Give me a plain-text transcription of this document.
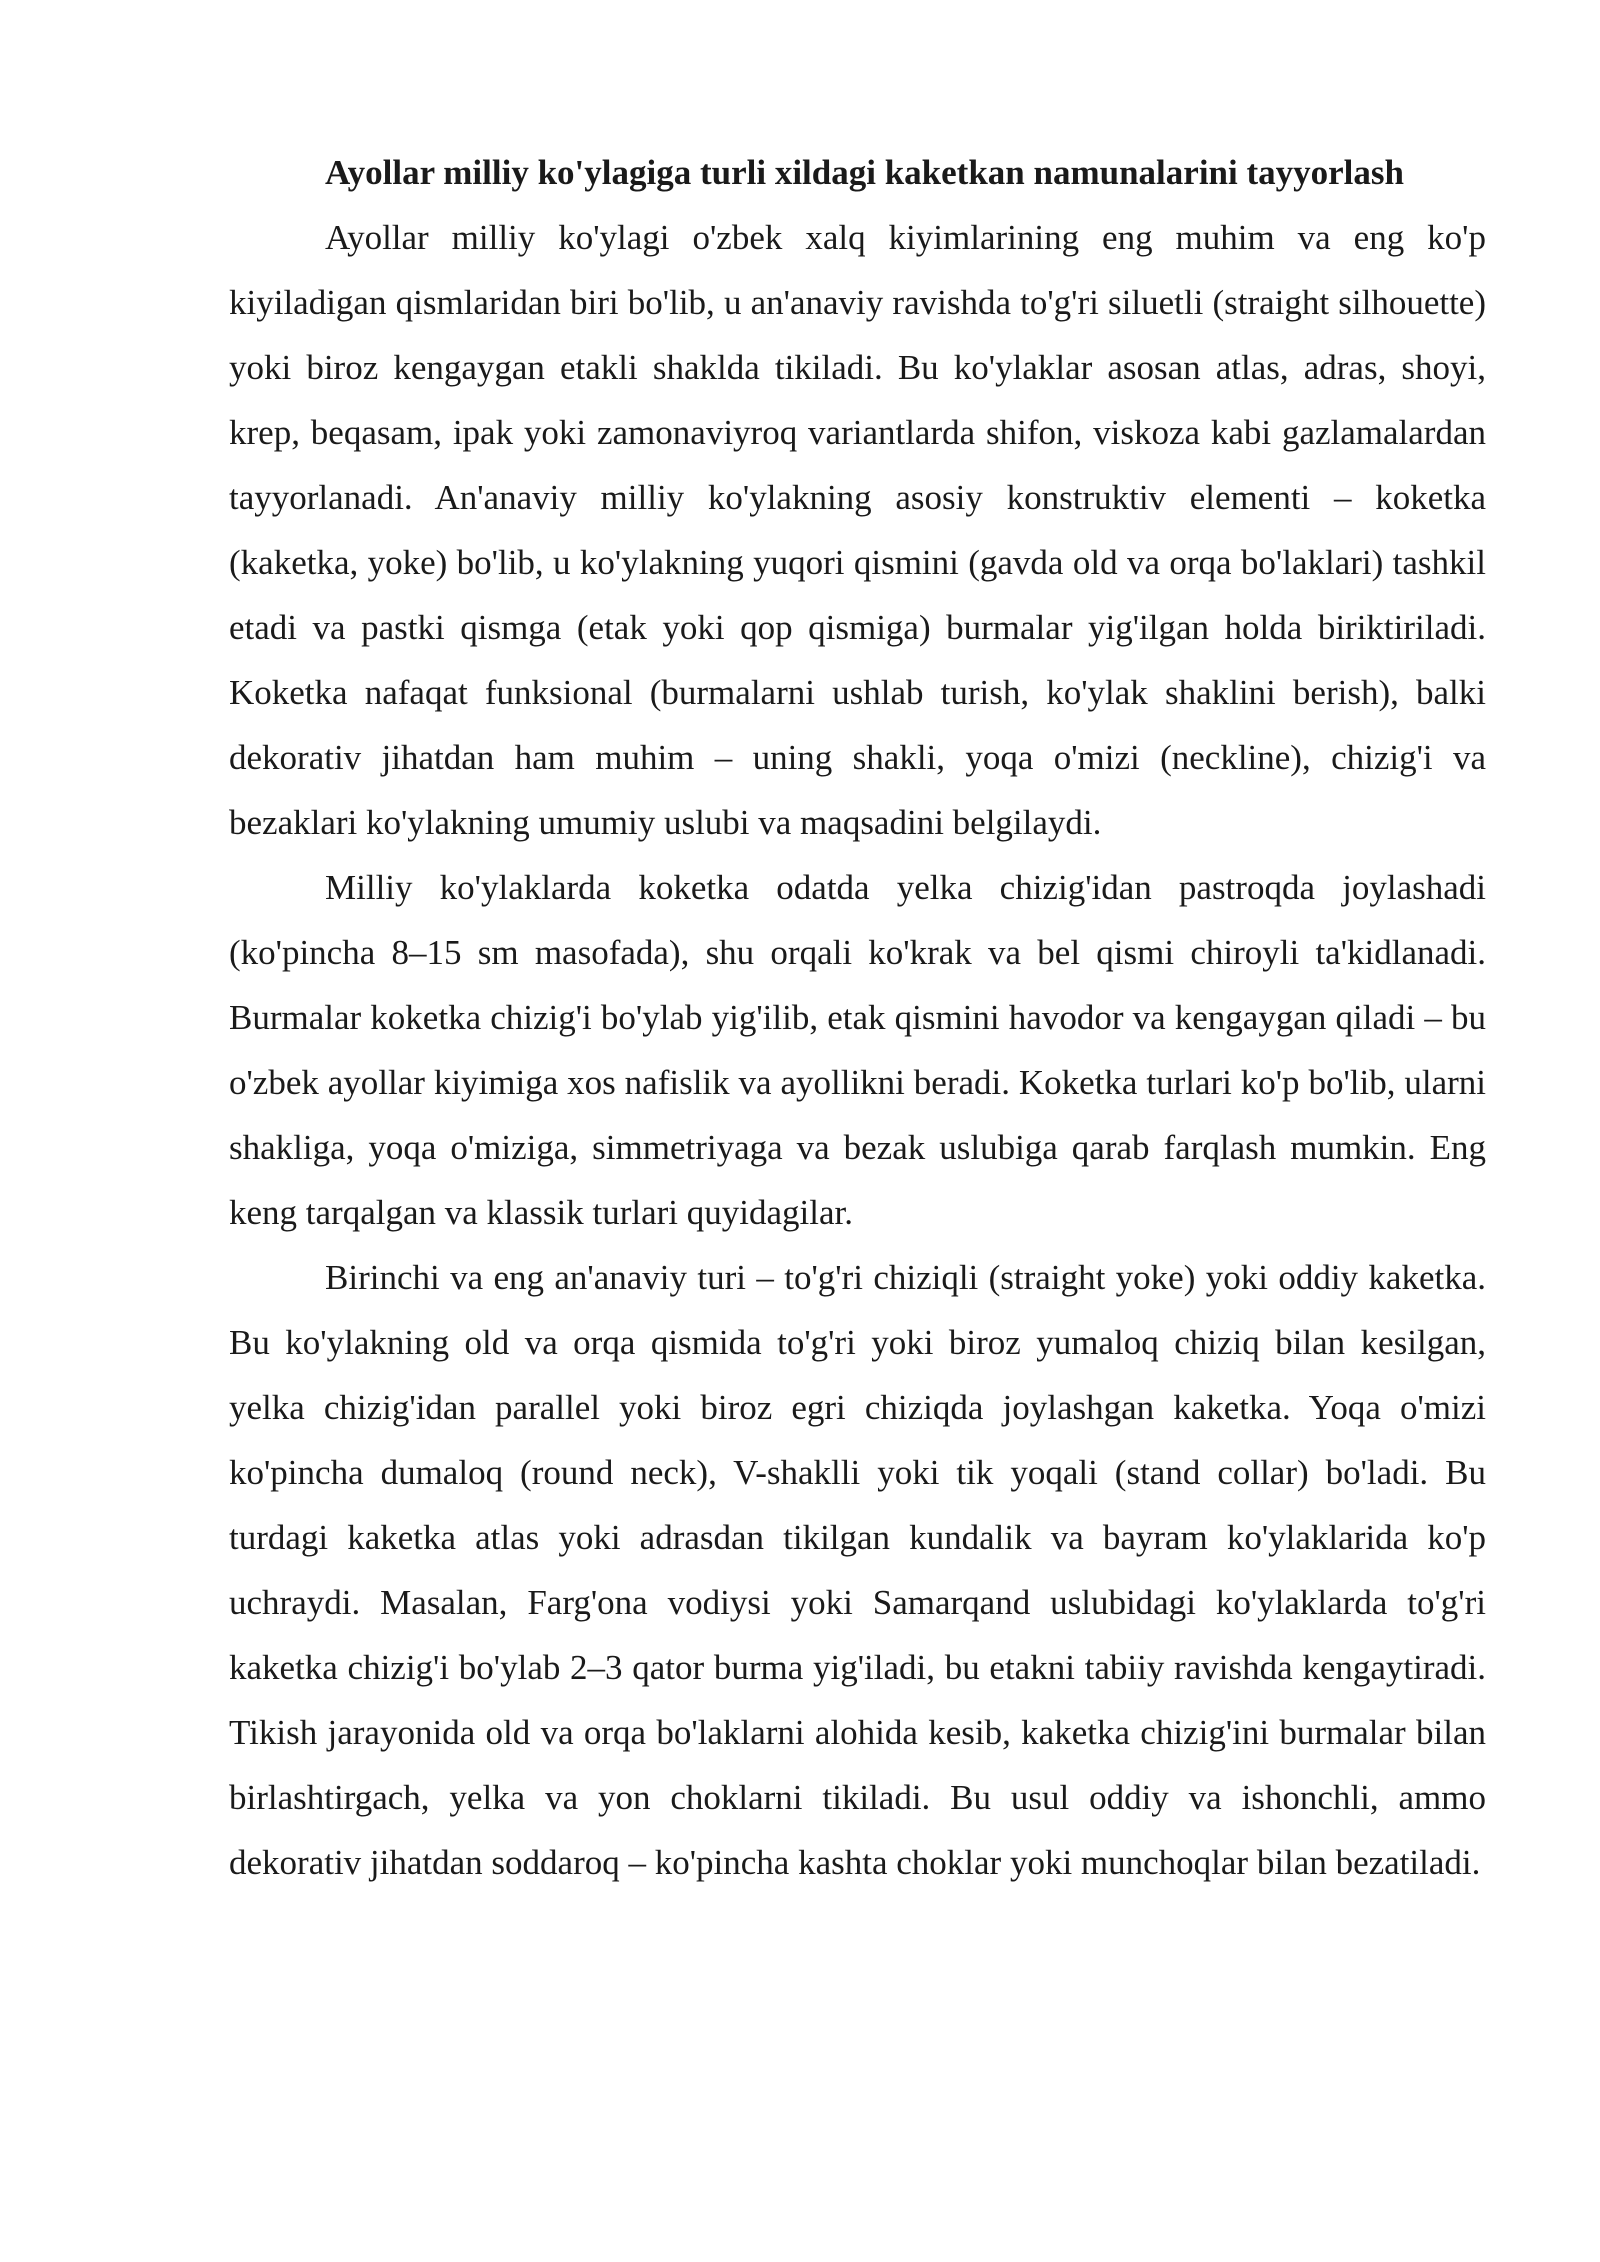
Ayollar milliy ko'ylagiga turli xildagi kaketkan namunalarini tayyorlash

Ayollar milliy ko'ylagi o'zbek xalq kiyimlarining eng muhim va eng ko'p kiyiladigan qismlaridan biri bo'lib, u an'anaviy ravishda to'g'ri siluetli (straight silhouette) yoki biroz kengaygan etakli shaklda tikiladi. Bu ko'ylaklar asosan atlas, adras, shoyi, krep, beqasam, ipak yoki zamonaviyroq variantlarda shifon, viskoza kabi gazlamalardan tayyorlanadi. An'anaviy milliy ko'ylakning asosiy konstruktiv elementi – koketka (kaketka, yoke) bo'lib, u ko'ylakning yuqori qismini (gavda old va orqa bo'laklari) tashkil etadi va pastki qismga (etak yoki qop qismiga) burmalar yig'ilgan holda biriktiriladi. Koketka nafaqat funksional (burmalarni ushlab turish, ko'ylak shaklini berish), balki dekorativ jihatdan ham muhim – uning shakli, yoqa o'mizi (neckline), chizig'i va bezaklari ko'ylakning umumiy uslubi va maqsadini belgilaydi.

Milliy ko'ylaklarda koketka odatda yelka chizig'idan pastroqda joylashadi (ko'pincha 8–15 sm masofada), shu orqali ko'krak va bel qismi chiroyli ta'kidlanadi. Burmalar koketka chizig'i bo'ylab yig'ilib, etak qismini havodor va kengaygan qiladi – bu o'zbek ayollar kiyimiga xos nafislik va ayollikni beradi. Koketka turlari ko'p bo'lib, ularni shakliga, yoqa o'miziga, simmetriyaga va bezak uslubiga qarab farqlash mumkin. Eng keng tarqalgan va klassik turlari quyidagilar.

Birinchi va eng an'anaviy turi – to'g'ri chiziqli (straight yoke) yoki oddiy kaketka. Bu ko'ylakning old va orqa qismida to'g'ri yoki biroz yumaloq chiziq bilan kesilgan, yelka chizig'idan parallel yoki biroz egri chiziqda joylashgan kaketka. Yoqa o'mizi ko'pincha dumaloq (round neck), V-shaklli yoki tik yoqali (stand collar) bo'ladi. Bu turdagi kaketka atlas yoki adrasdan tikilgan kundalik va bayram ko'ylaklarida ko'p uchraydi. Masalan, Farg'ona vodiysi yoki Samarqand uslubidagi ko'ylaklarda to'g'ri kaketka chizig'i bo'ylab 2–3 qator burma yig'iladi, bu etakni tabiiy ravishda kengaytiradi. Tikish jarayonida old va orqa bo'laklarni alohida kesib, kaketka chizig'ini burmalar bilan birlashtirgach, yelka va yon choklarni tikiladi. Bu usul oddiy va ishonchli, ammo dekorativ jihatdan soddaroq – ko'pincha kashta choklar yoki munchoqlar bilan bezatiladi.
